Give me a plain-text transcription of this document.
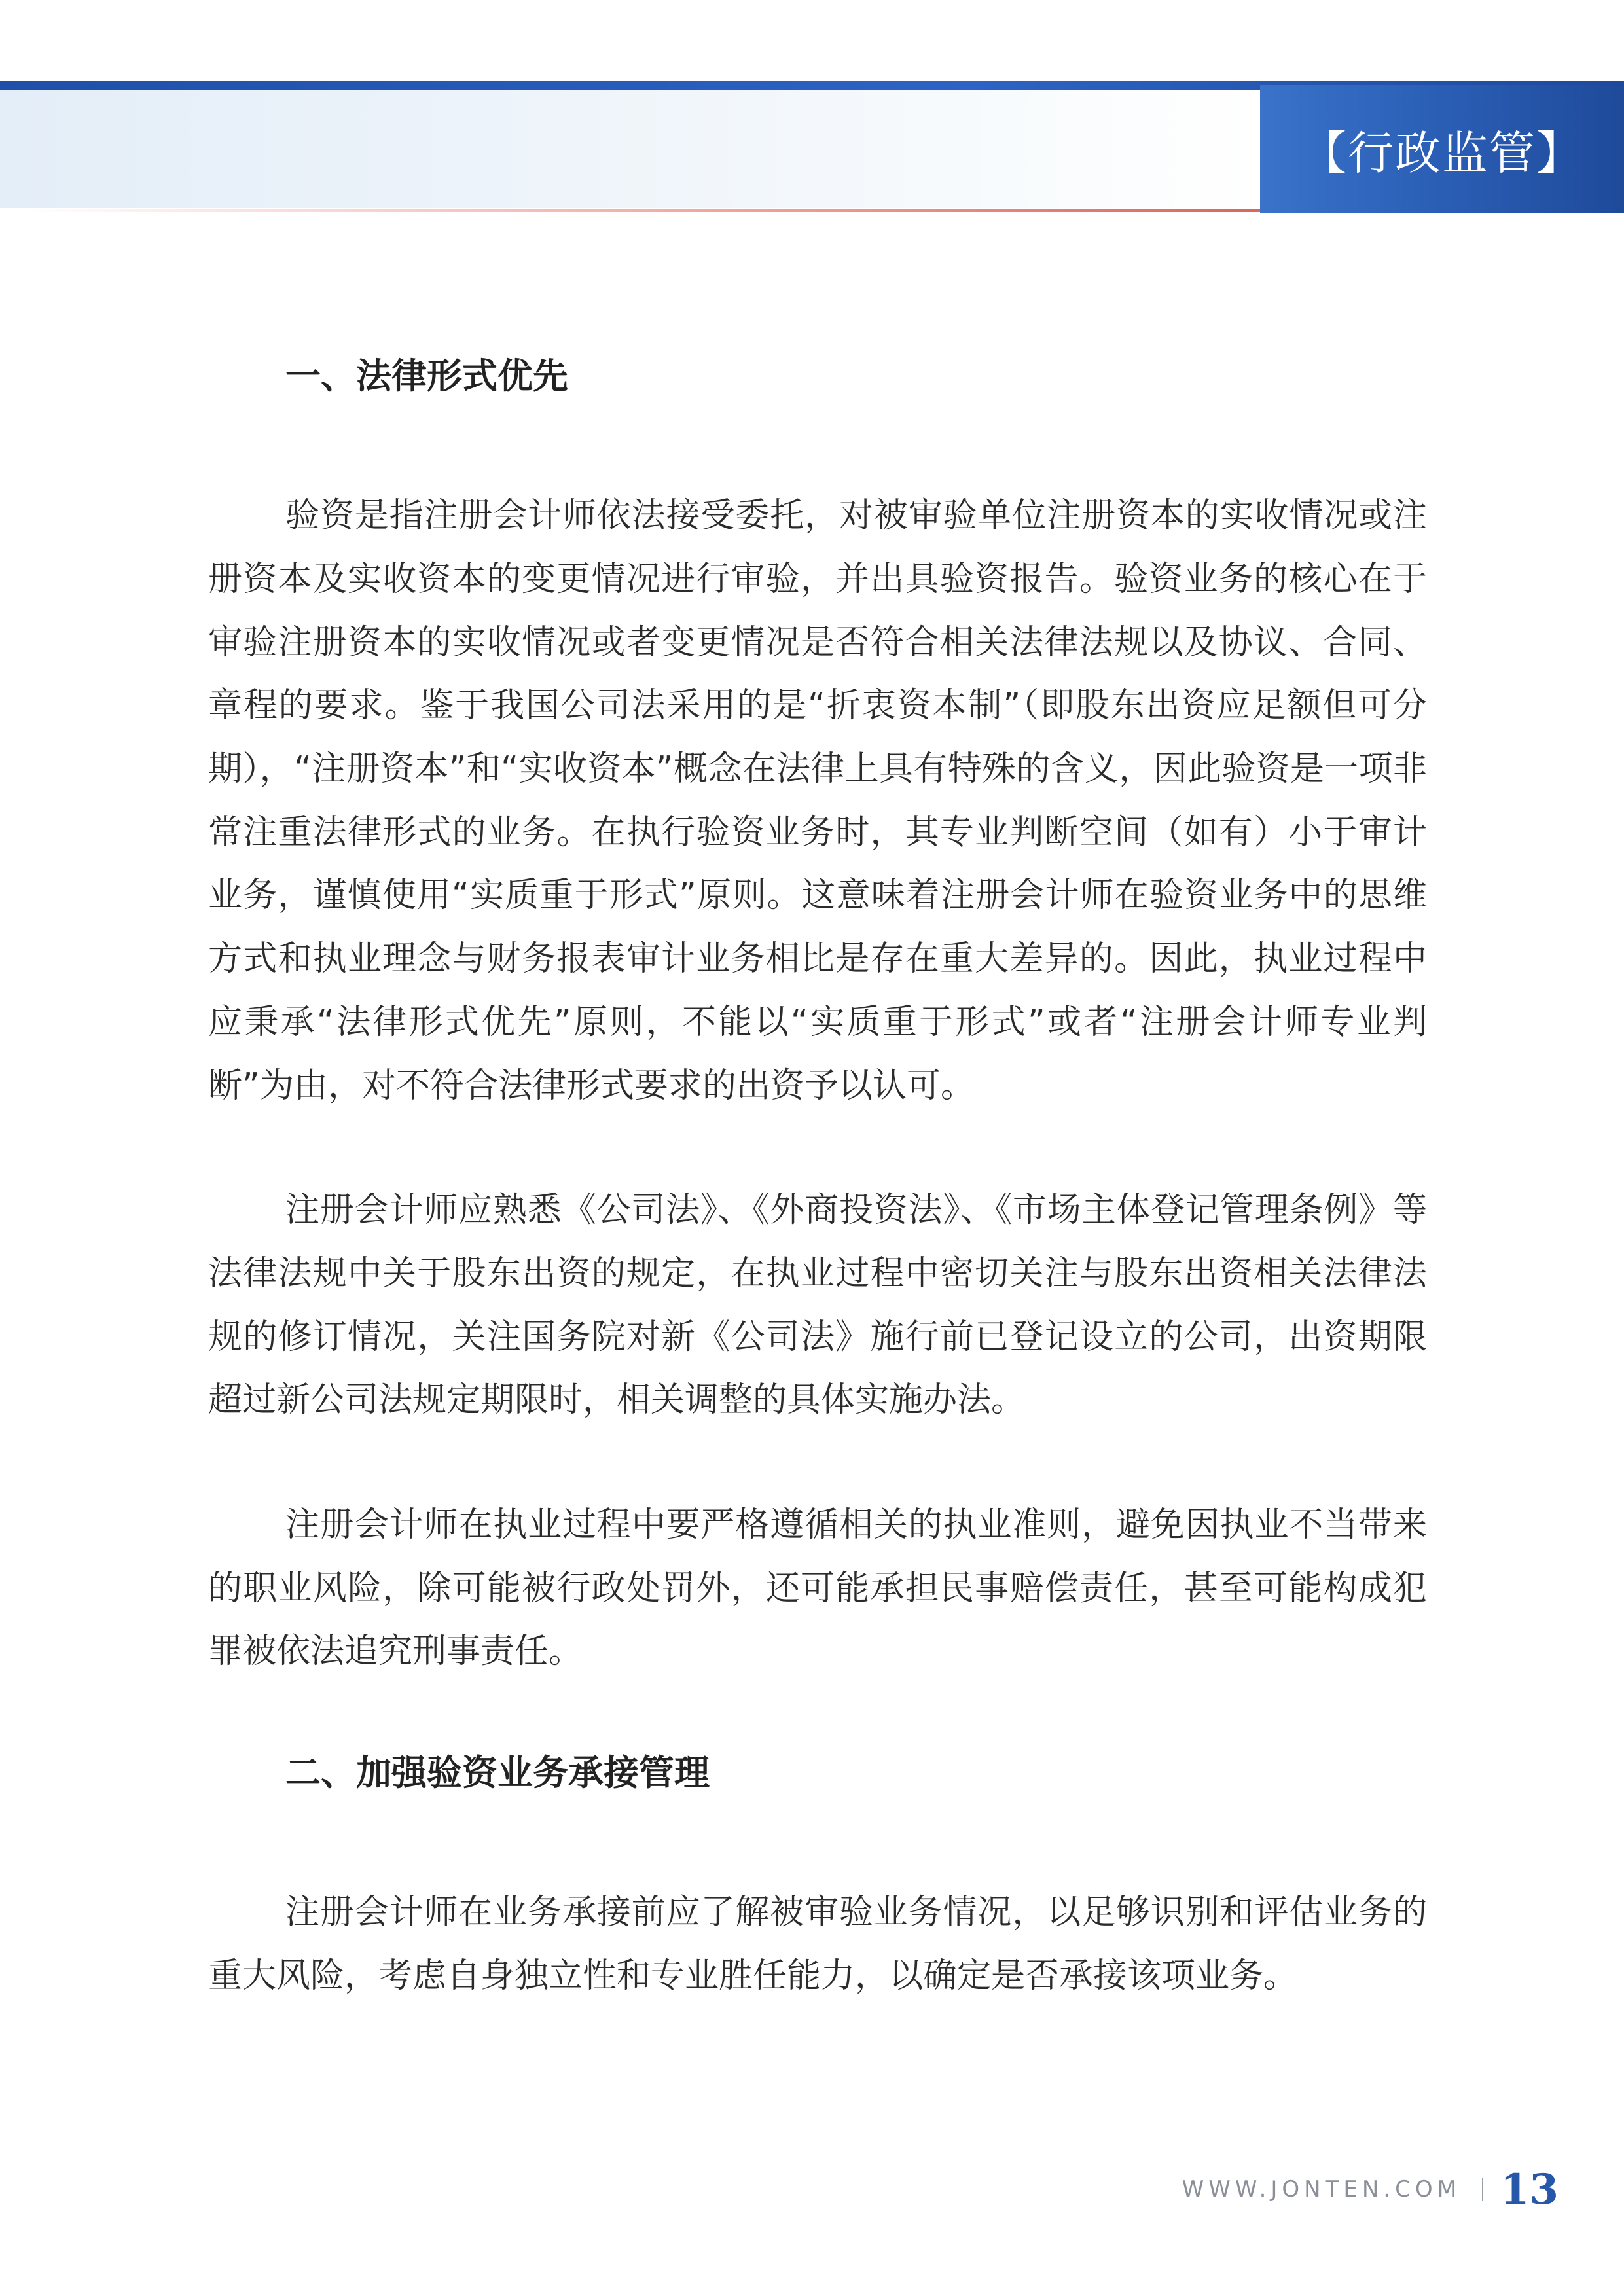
【行政监管】
一、法律形式优先

验资是指注册会计师依法接受委托，对被审验单位注册资本的实收情况或注册资本及实收资本的变更情况进行审验，并出具验资报告。验资业务的核心在于审验注册资本的实收情况或者变更情况是否符合相关法律法规以及协议、合同、章程的要求。鉴于我国公司法采用的是“折衷资本制”（即股东出资应足额但可分期），“注册资本”和“实收资本”概念在法律上具有特殊的含义，因此验资是一项非常注重法律形式的业务。在执行验资业务时，其专业判断空间（如有）小于审计业务，谨慎使用“实质重于形式”原则。这意味着注册会计师在验资业务中的思维方式和执业理念与财务报表审计业务相比是存在重大差异的。因此，执业过程中应秉承“法律形式优先”原则，不能以“实质重于形式”或者“注册会计师专业判断”为由，对不符合法律形式要求的出资予以认可。

注册会计师应熟悉《公司法》、《外商投资法》、《市场主体登记管理条例》等法律法规中关于股东出资的规定，在执业过程中密切关注与股东出资相关法律法规的修订情况，关注国务院对新《公司法》施行前已登记设立的公司，出资期限超过新公司法规定期限时，相关调整的具体实施办法。

注册会计师在执业过程中要严格遵循相关的执业准则，避免因执业不当带来的职业风险，除可能被行政处罚外，还可能承担民事赔偿责任，甚至可能构成犯罪被依法追究刑事责任。

二、加强验资业务承接管理

注册会计师在业务承接前应了解被审验业务情况，以足够识别和评估业务的重大风险，考虑自身独立性和专业胜任能力，以确定是否承接该项业务。

WWW.JONTEN.COM 13
